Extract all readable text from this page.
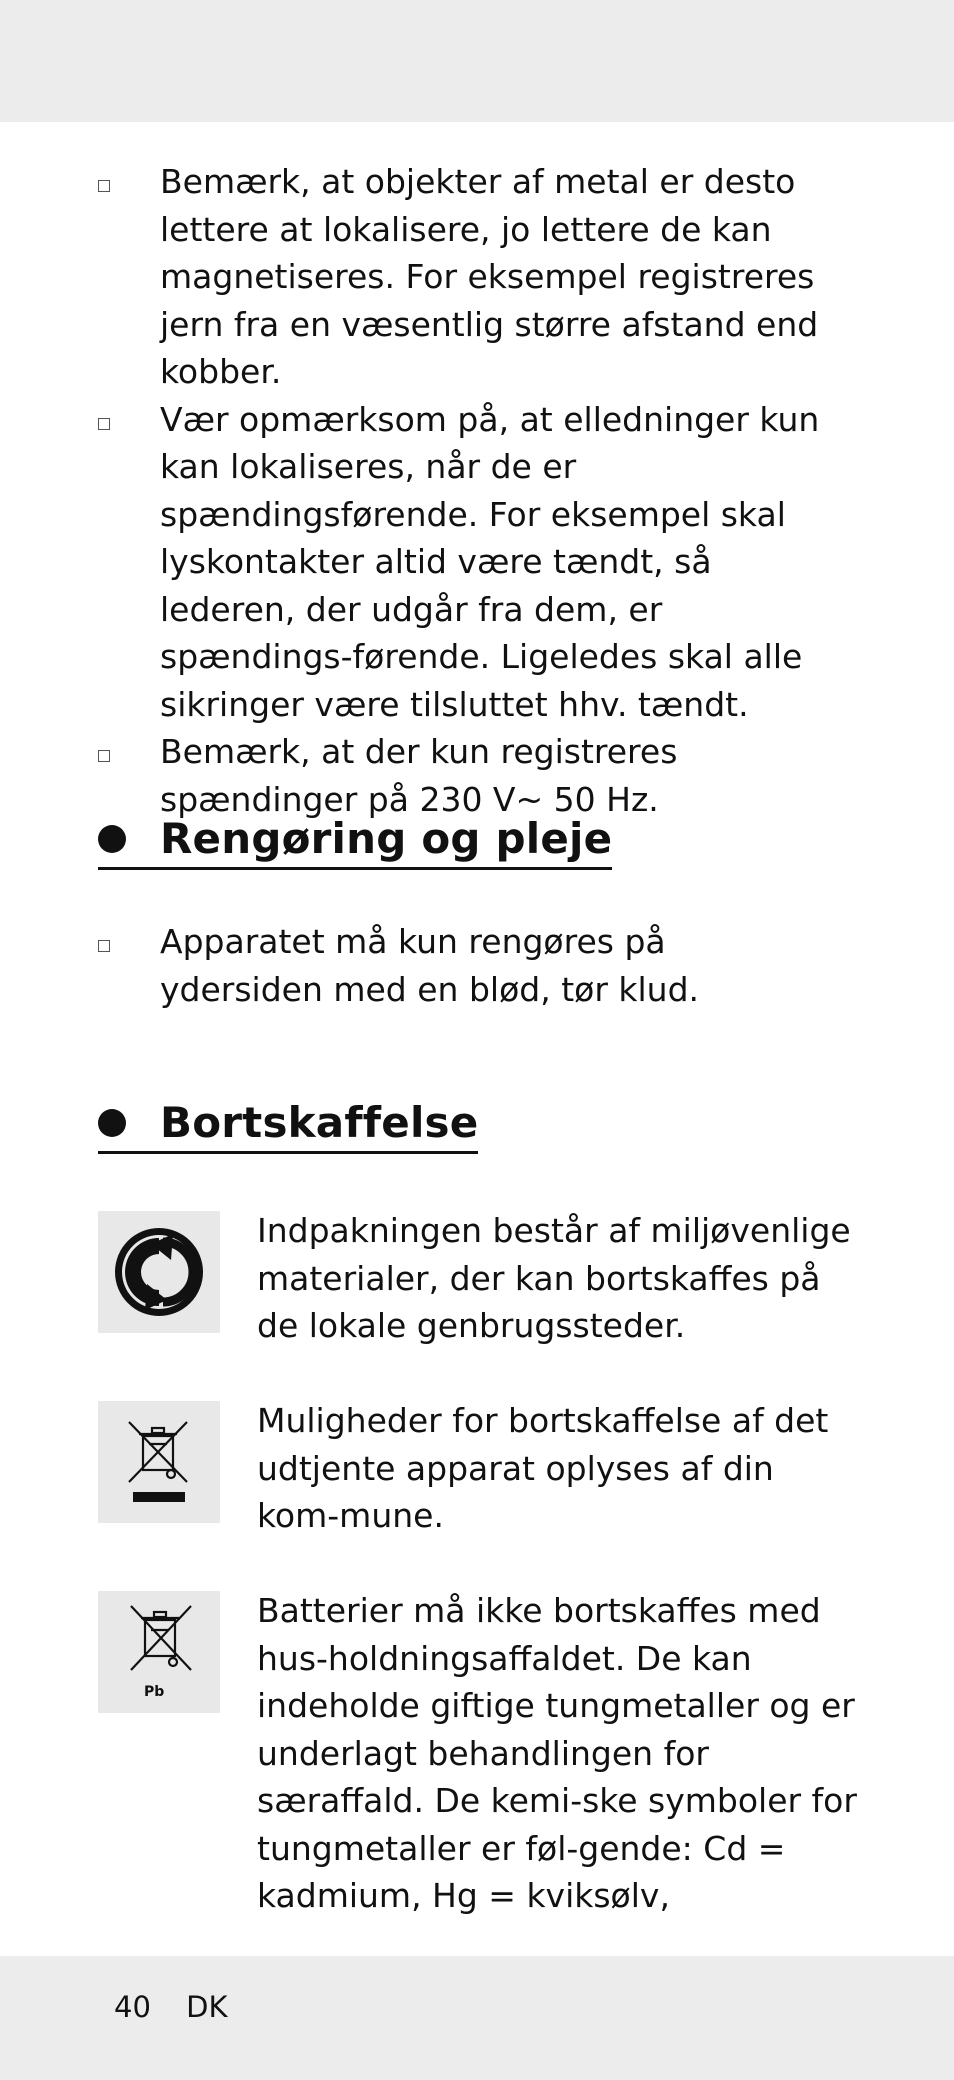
Bemærk, at objekter af metal er desto lettere at lokalisere, jo lettere de kan magnetiseres. For eksempel registreres jern fra en væsentlig større afstand end kobber.
Vær opmærksom på, at elledninger kun kan lokaliseres, når de er spændingsførende. For eksempel skal lyskontakter altid være tændt, så lederen, der udgår fra dem, er spændings-førende. Ligeledes skal alle sikringer være tilsluttet hhv. tændt.
Bemærk, at der kun registreres spændinger på 230 V~ 50 Hz.
Rengøring og pleje
Apparatet må kun rengøres på ydersiden med en blød, tør klud.
Bortskaffelse
Indpakningen består af miljøvenlige materialer, der kan bortskaffes på de lokale genbrugssteder.
Muligheder for bortskaffelse af det udtjente apparat oplyses af din kom-mune.
Pb
Batterier må ikke bortskaffes med hus-holdningsaffaldet. De kan indeholde giftige tungmetaller og er underlagt behandlingen for særaffald. De kemi-ske symboler for tungmetaller er føl-gende: Cd = kadmium, Hg = kviksølv,
40 DK
